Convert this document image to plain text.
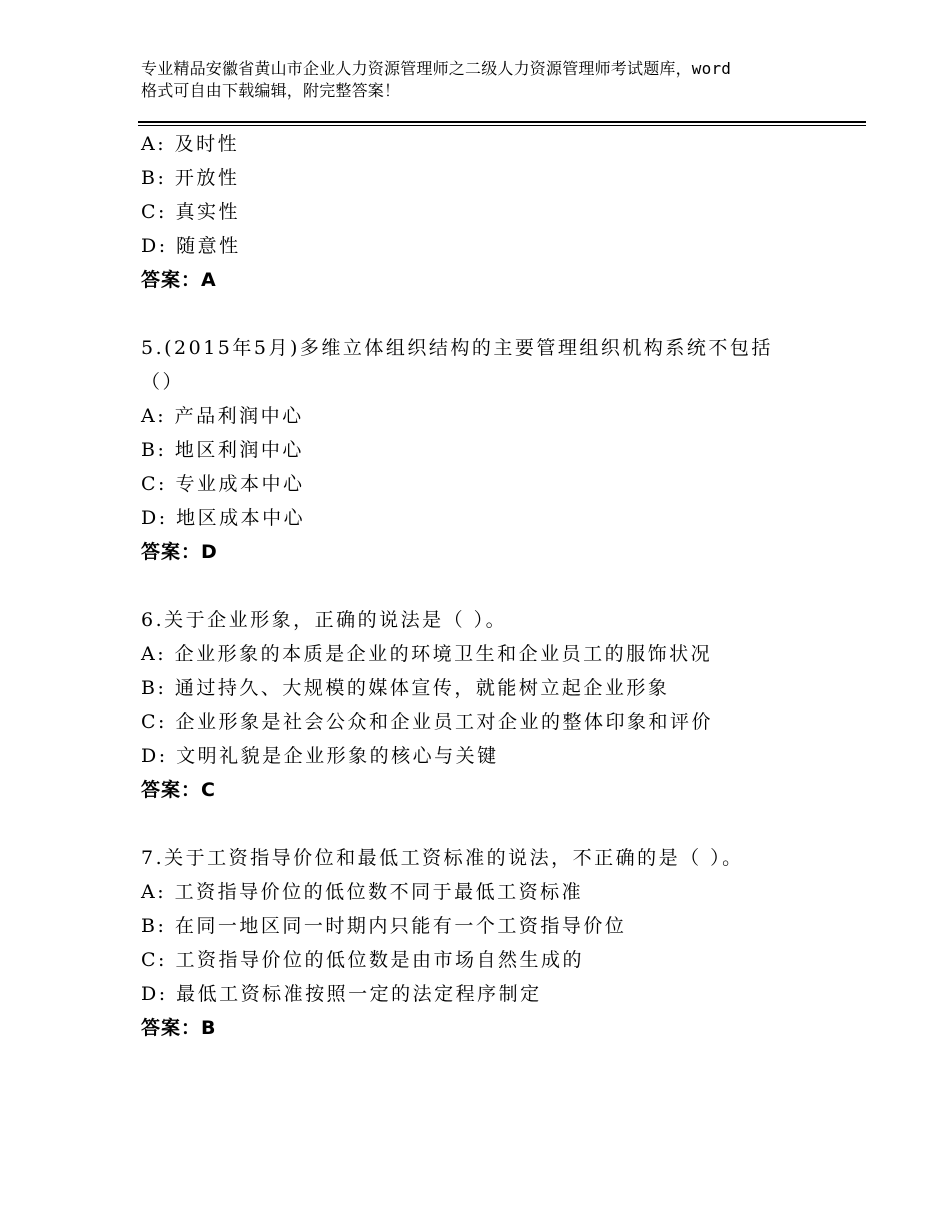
专业精品安徽省黄山市企业人力资源管理师之二级人力资源管理师考试题库，word
格式可自由下载编辑，附完整答案！
A: 及时性
B: 开放性
C: 真实性
D: 随意性
答案：A
5.(2015年5月)多维立体组织结构的主要管理组织机构系统不包括
（）
A: 产品利润中心
B: 地区利润中心
C: 专业成本中心
D: 地区成本中心
答案：D
6.关于企业形象，正确的说法是（ ）。
A: 企业形象的本质是企业的环境卫生和企业员工的服饰状况
B: 通过持久、大规模的媒体宣传，就能树立起企业形象
C: 企业形象是社会公众和企业员工对企业的整体印象和评价
D: 文明礼貌是企业形象的核心与关键
答案：C
7.关于工资指导价位和最低工资标准的说法，不正确的是（ ）。
A: 工资指导价位的低位数不同于最低工资标准
B: 在同一地区同一时期内只能有一个工资指导价位
C: 工资指导价位的低位数是由市场自然生成的
D: 最低工资标准按照一定的法定程序制定
答案：B
